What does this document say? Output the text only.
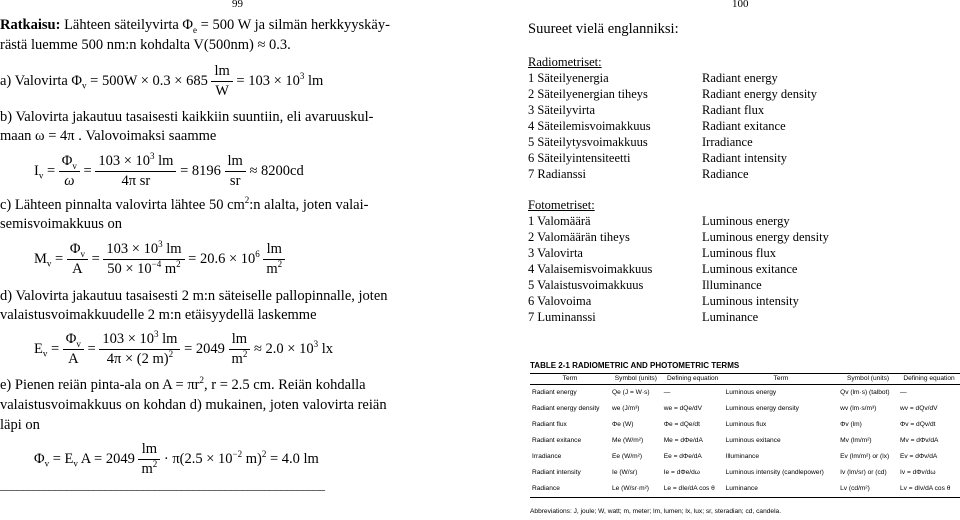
99
Ratkaisu: Lähteen säteilyvirta $\Phi_e = 500$ W ja silmän herkkyyskäy-
rästä luemme 500 nm:n kohdalta V(500nm) ≈ 0.3.
a) Valovirta $\Phi_v = 500W \times 0.3 \times 685 \frac{lm}{W} = 103 \times 10^3$ lm
b) Valovirta jakautuu tasaisesti kaikkiin suuntiin, eli avaruuskul-
maan ω = 4π . Valovoimaksi saamme
$I_v = \frac{\Phi_v}{\omega} = \frac{103 \times 10^3 lm}{\text{4π sr}} = 8196 \frac{lm}{sr} \approx 8200cd$
c) Lähteen pinnalta valovirta lähtee 50 $cm^2:n$ alalta, joten valai-
semisvoimakkuus on
$M_v = \frac{\Phi_v}{A} = \frac{103 \times 10^3 lm}{50 \times 10^{-4} m^2} = 20.6 \times 10^6 \frac{lm}{m^2}$
d) Valovirta jakautuu tasaisesti 2 m:n säteiselle pallopinnalle, joten
valaistusvoimakkuudelle 2 m:n etäisyydellä laskemme
$E_v = \frac{\Phi_v}{A} = \frac{103 \times 10^3 lm}{4\pi \times (2 m)^2} = 2049 \frac{lm}{m^2} \approx 2.0 \times 10^3$ lx
e) Pienen reiän pinta-ala on $A = \pi r^2$, r = 2.5 cm. Reiän kohdalla
valaistusvoimakkuus on kohdan d) mukainen, joten valovirta reiän
läpi on
$\Phi_v = E_v$ $A = 2049 \frac{lm}{m^2} \cdot \pi(2.5 \times 10^{-2}$ m)$^2$ = 4.0 lm
___________________________________________________________
100
Suureet vielä englanniksi:
Radiometriset:
1 Säteilyenergia	Radiant energy
2 Säteilyenergian tiheys	Radiant energy density
3 Säteilyvirta	Radiant flux
4 Säteilemisvoimakkuus	Radiant exitance
5 Säteilytysvoimakkuus	Irradiance
6 Säteilyintensiteetti	Radiant intensity
7 Radianssi	Radiance
Fotometriset:
1 Valomäärä	Luminous energy
2 Valomäärän tiheys	Luminous energy density
3 Valovirta	Luminous flux
4 Valaisemisvoimakkuus	Luminous exitance
5 Valaistusvoimakkuus	Illuminance
6 Valovoima	Luminous intensity
7 Luminanssi	Luminance
TABLE 2-1 RADIOMETRIC AND PHOTOMETRIC TERMS
Term	Symbol (units)	Defining equation	Term	Symbol (units)	Defining equation
Radiant energy	Qe (J = W·s)	—	Luminous energy	Qv (lm·s) (talbot)	—
Radiant energy density	we (J/m³)	we = dQe/dV	Luminous energy density	wv (lm·s/m³)	wv = dQv/dV
Radiant flux	Φe (W)	Φe = dQe/dt	Luminous flux	Φv (lm)	Φv = dQv/dt
Radiant exitance	Me (W/m²)	Me = dΦe/dA	Luminous exitance	Mv (lm/m²)	Mv = dΦv/dA
Irradiance	Ee (W/m²)	Ee = dΦe/dA	Illuminance	Ev (lm/m²) or (lx)	Ev = dΦv/dA
Radiant intensity	Ie (W/sr)	Ie = dΦe/dω	Luminous intensity (candlepower)	Iv (lm/sr) or (cd)	Iv = dΦv/dω
Radiance	Le (W/sr·m²)	Le = dIe/dA cos θ	Luminance	Lv (cd/m²)	Lv = dIv/dA cos θ
Abbreviations: J, joule; W, watt; m, meter; lm, lumen; lx, lux; sr, steradian; cd, candela.
